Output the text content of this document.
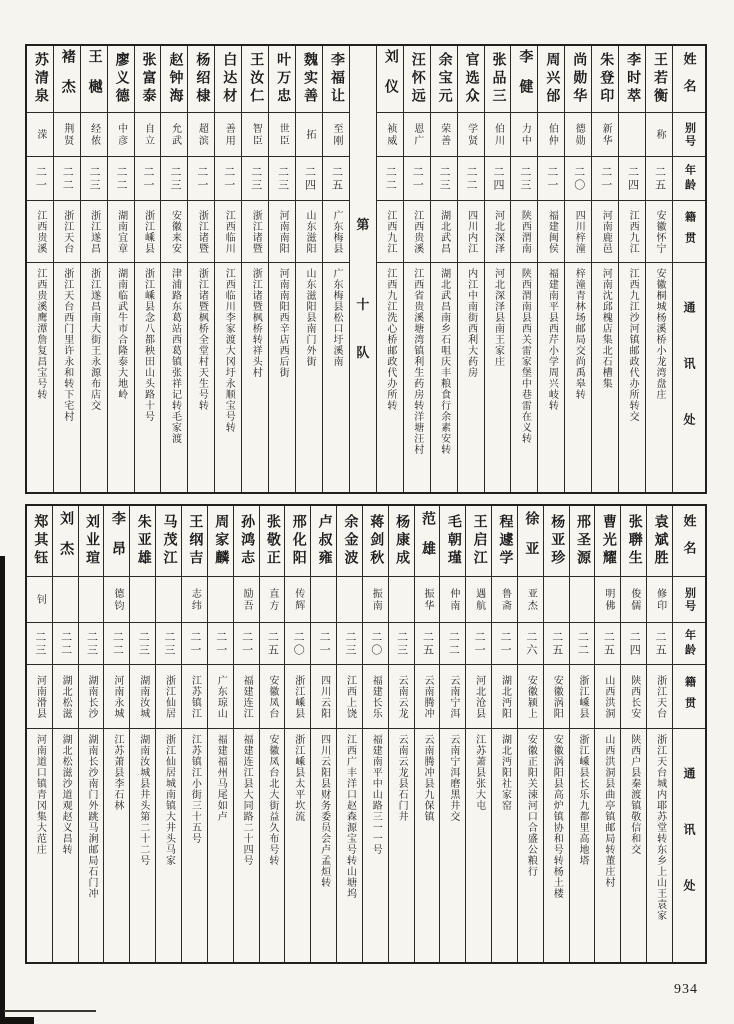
姓名
别号
年龄
籍贯
通讯处
王若衡
称
二五
安徽怀宁
安徽桐城杨溪桥小龙湾盘庄
李时萃
二四
江西九江
江西九江沙河镇邮政代办所转交
朱登印
新华
二一
河南鹿邑
河南沈邱槐店集北石槽集
尚勋华
德勋
二〇
四川梓潼
梓潼青林场邮局交尚禹皋转
周兴邰
伯仲
二一
福建闽侯
福建南平县西芹小学周兴岐转
李健
力中
二三
陕西渭南
陕西渭南县西关雷家堡中巷雷在义转
张品三
伯川
二四
河北深泽
河北深泽县南王家庄
官选众
学贤
二二
四川内江
内江中南街西利大药房
余宝元
荣善
二三
湖北武昌
湖北武昌南乡石咀庆丰粮食行余素安转
汪怀远
恩广
二一
江西贵溪
江西省贵溪塘湾镇利生药房转洋塘汪村
刘仪
祯威
二二
江西九江
江西九江洗心桥邮政代办所转
第
十
队
李福让
至刚
二五
广东梅县
广东梅县松口圩溪南
魏实善
拓
二四
山东滋阳
山东滋阳县南门外街
叶万忠
世臣
二三
河南南阳
河南南阳西辛店西后街
王汝仁
智臣
二三
浙江诸暨
浙江诸暨枫桥转祥头村
白达材
善用
二一
江西临川
江西临川李家渡大冈圩永顺宝号转
杨绍棣
超滨
二一
浙江诸暨
浙江诸暨枫桥全堂村天生号转
赵钟海
允武
二三
安徽来安
津浦路东葛站西葛镇张祥记转毛家渡
张富泰
自立
二一
浙江嵊县
浙江嵊县念八都秧田山头路十号
廖义德
中彦
二二
湖南宜章
湖南临武牛市合隆泰大地岭
王樾
经侬
二三
浙江遂昌
浙江遂昌南大街王永源布店交
褚杰
荆贤
二二
浙江天台
浙江天台西门里许永和转下宅村
苏清泉
溁
二一
江西贵溪
江西贵溪鹰潭詹复昌宝号转
姓名
别号
年龄
籍贯
通讯处
袁斌胜
修印
二五
浙江天台
浙江天台城内耶苏堂转东乡上山王袁家
张聨生
俊儒
二四
陕西长安
陕西户县秦渡镇敬信和交
曹光耀
明佛
二五
山西洪洞
山西洪洞县曲亭镇邮局转董庄村
邢圣源
二二
浙江嵊县
浙江嵊县长乐九都里高地塔
杨亚珍
二五
安徽涡阳
安徽涡阳县高炉镇协和号转杨土楼
徐亚
亚杰
二六
安徽颍上
安徽正阳关涑河口合盛公粮行
程遽学
鲁斋
二一
湖北沔阳
湖北沔阳社家窑
王启江
遇航
二一
河北沧县
江苏萧县张大屯
毛朝瑾
仲南
二二
云南宁洱
云南宁洱磨黑井交
范雄
振华
二五
云南腾冲
云南腾冲县九保镇
杨康成
二三
云南云龙
云南云龙县石门井
蒋剑秋
振南
二〇
福建长乐
福建南平中山路三一一号
余金波
二三
江西上饶
江西广丰洋口赵森源宝号转山塘坞
卢叔雍
二一
四川云阳
四川云阳县财务委员会卢孟烜转
邢化阳
传辉
二〇
浙江嵊县
浙江嵊县太平坎流
张敬正
直方
二五
安徽凤台
安徽凤台北大街益久布号转
孙鸿志
励吾
二一
福建连江
福建连江县大同路二十四号
周家麟
二一
广东琼山
福建福州马尾如卢
王纲吉
志纬
二一
江苏镇江
江苏镇江小街三十五号
马茂江
二三
浙江仙居
浙江仙居城南镇大井头马家
朱亚雄
二三
湖南汝城
湖南汝城县井头第二十二号
李昂
德钧
二二
河南永城
江苏萧县李石林
刘业瑄
二三
湖南长沙
湖南长沙南门外跳马涧邮局石门冲
刘杰
二二
湖北松滋
湖北松滋沙道观赵义昌转
郑其钰
钊
二三
河南滑县
河南道口镇青冈集大范庄
934
